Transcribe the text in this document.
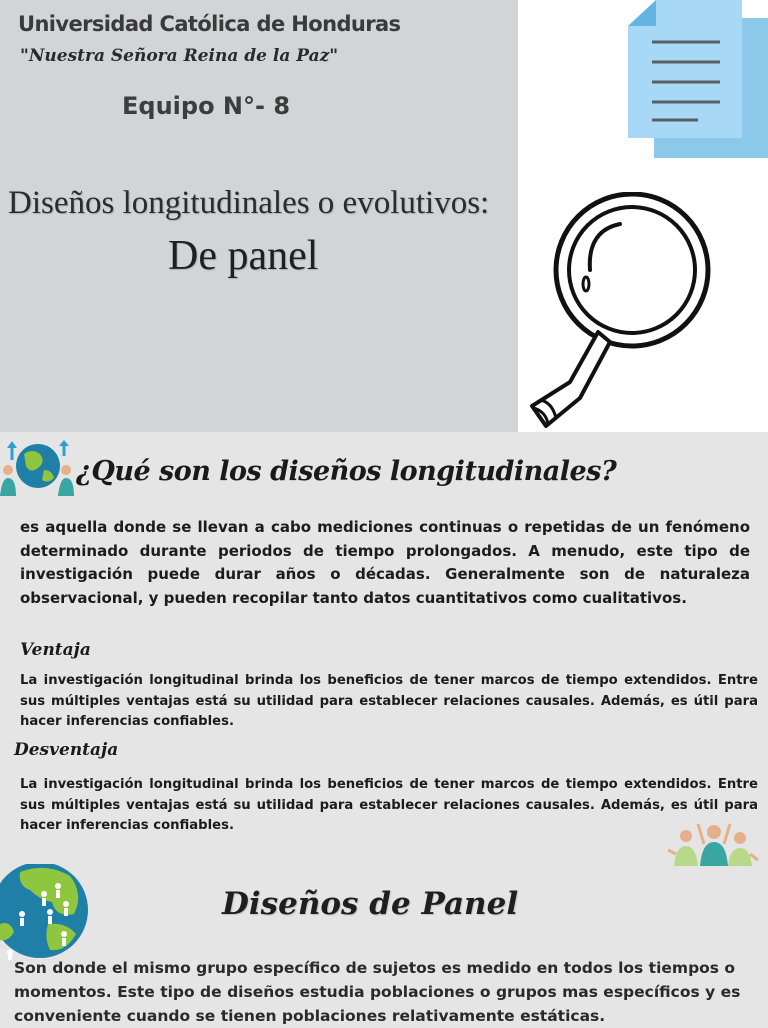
Universidad Católica de Honduras
"Nuestra Señora Reina de la Paz"
Equipo N°- 8
Diseños longitudinales o evolutivos:
De panel
¿Qué son los diseños longitudinales?

es aquella donde se llevan a cabo mediciones continuas o repetidas de un fenómeno determinado durante periodos de tiempo prolongados. A menudo, este tipo de investigación puede durar años o décadas. Generalmente son de naturaleza observacional, y pueden recopilar tanto datos cuantitativos como cualitativos.

Ventaja

La investigación longitudinal brinda los beneficios de tener marcos de tiempo extendidos. Entre sus múltiples ventajas está su utilidad para establecer relaciones causales. Además, es útil para hacer inferencias confiables.

Desventaja

La investigación longitudinal brinda los beneficios de tener marcos de tiempo extendidos. Entre sus múltiples ventajas está su utilidad para establecer relaciones causales. Además, es útil para hacer inferencias confiables.

Diseños de Panel

Son donde el mismo grupo específico de sujetos es medido en todos los tiempos o momentos. Este tipo de diseños estudia poblaciones o grupos mas específicos y es conveniente cuando se tienen poblaciones relativamente estáticas.
